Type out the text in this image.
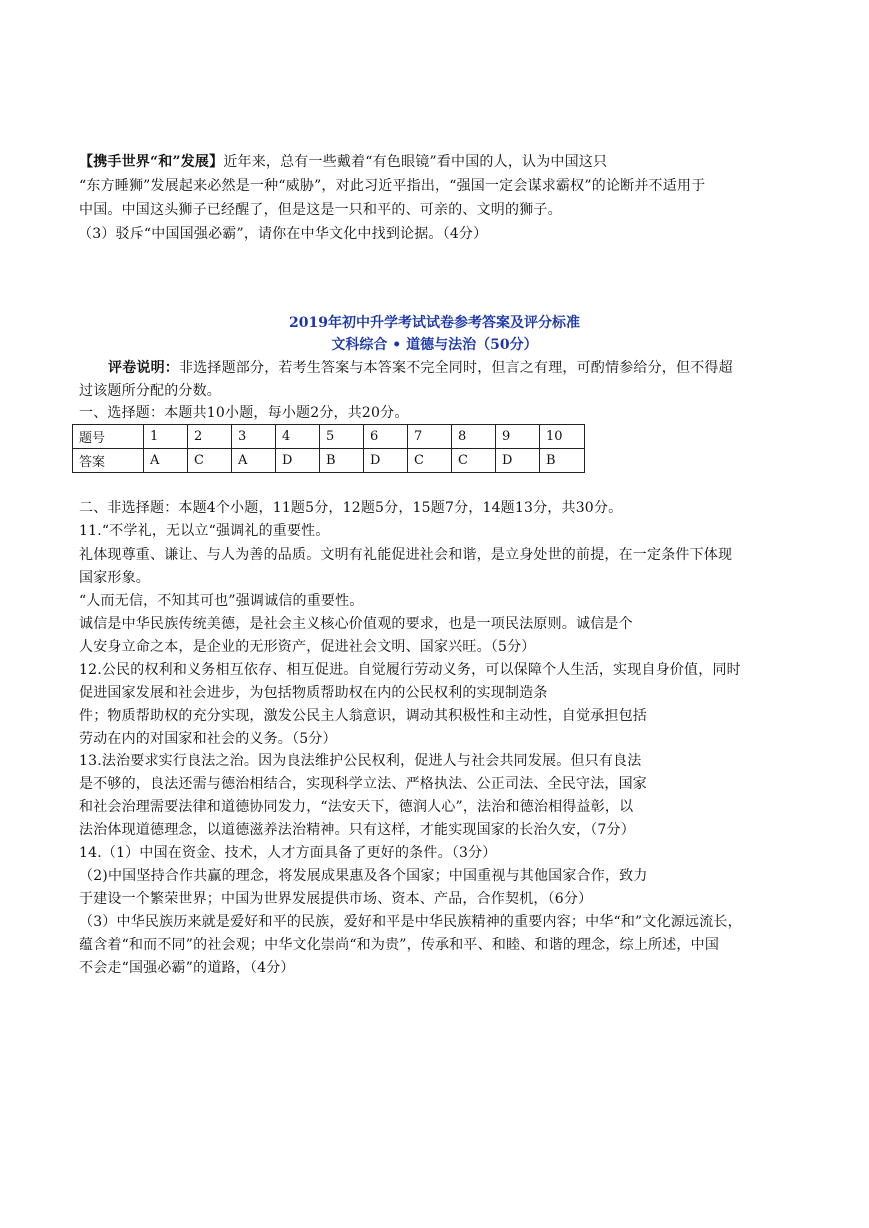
【携手世界“和”发展】近年来，总有一些戴着“有色眼镜”看中国的人，认为中国这只
“东方睡狮”发展起来必然是一种“威胁”，对此习近平指出，“强国一定会谋求霸权”的论断并不适用于
中国。中国这头狮子已经醒了，但是这是一只和平的、可亲的、文明的狮子。
（3）驳斥“中国国强必霸”，请你在中华文化中找到论据。（4分）
2019年初中升学考试试卷参考答案及评分标准
文科综合 • 道德与法治（50分）
评卷说明：非选择题部分，若考生答案与本答案不完全同时，但言之有理，可酌情参给分，但不得超
过该题所分配的分数。
一、选择题：本题共10小题，每小题2分，共20分。
题号	1	2	3	4	5	6	7	8	9	10
答案	A	C	A	D	B	D	C	C	D	B
二、非选择题：本题4个小题，11题5分，12题5分，15题7分，14题13分，共30分。
11.“不学礼，无以立“强调礼的重要性。
礼体现尊重、谦让、与人为善的品质。文明有礼能促进社会和谐，是立身处世的前提，在一定条件下体现
国家形象。
“人而无信，不知其可也”强调诚信的重要性。
诚信是中华民族传统美德，是社会主义核心价值观的要求，也是一项民法原则。诚信是个
人安身立命之本，是企业的无形资产，促进社会文明、国家兴旺。（5分）
12.公民的权利和义务相互依存、相互促进。自觉履行劳动义务，可以保障个人生活，实现自身价值，同时
促进国家发展和社会进步，为包括物质帮助权在内的公民权利的实现制造条
件；物质帮助权的充分实现，激发公民主人翁意识，调动其积极性和主动性，自觉承担包括
劳动在内的对国家和社会的义务。（5分）
13.法治要求实行良法之治。因为良法维护公民权利，促进人与社会共同发展。但只有良法
是不够的，良法还需与德治相结合，实现科学立法、严格执法、公正司法、全民守法，国家
和社会治理需要法律和道德协同发力，“法安天下，德润人心”，法治和德治相得益彰，以
法治体现道德理念，以道德滋养法治精神。只有这样，才能实现国家的长治久安，（7分）
14.（1）中国在资金、技术，人才方面具备了更好的条件。（3分）
（2)中国坚持合作共赢的理念，将发展成果惠及各个国家；中国重视与其他国家合作，致力
于建设一个繁荣世界；中国为世界发展提供市场、资本、产品，合作契机，（6分）
（3）中华民族历来就是爱好和平的民族，爱好和平是中华民族精神的重要内容；中华“和”文化源远流长，
蕴含着“和而不同”的社会观；中华文化崇尚“和为贵”，传承和平、和睦、和谐的理念，综上所述，中国
不会走“国强必霸”的道路，（4分）
